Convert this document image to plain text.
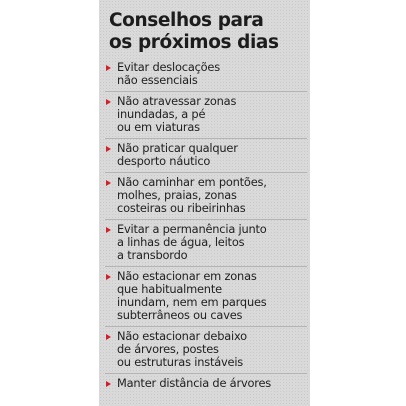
Conselhos para
os próximos dias
Evitar deslocações
não essenciais
Não atravessar zonas
inundadas, a pé
ou em viaturas
Não praticar qualquer
desporto náutico
Não caminhar em pontões,
molhes, praias, zonas
costeiras ou ribeirinhas
Evitar a permanência junto
a linhas de água, leitos
a transbordo
Não estacionar em zonas
que habitualmente
inundam, nem em parques
subterrâneos ou caves
Não estacionar debaixo
de árvores, postes
ou estruturas instáveis
Manter distância de árvores
